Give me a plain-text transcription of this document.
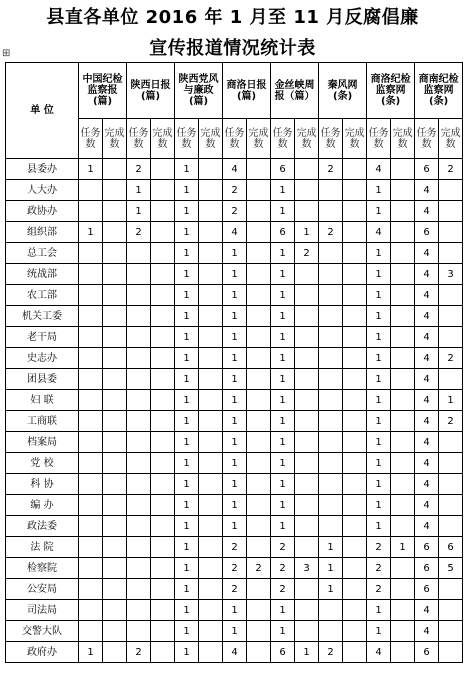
县直各单位 2016 年 1 月至 11 月反腐倡廉
宣传报道情况统计表
⊞
单 位	中国纪检监察报(篇)		陕西日报(篇)		陕西党风与廉政(篇)		商洛日报(篇)		金丝峡周报（篇）		秦风网(条)		商洛纪检监察网(条)		商南纪检监察网(条)	
	任务数	完成数	任务数	完成数	任务数	完成数	任务数	完成数	任务数	完成数	任务数	完成数	任务数	完成数	任务数	完成数
县委办	1		2		1		4		6		2		4		6	2
人大办			1		1		2		1				1		4	
政协办			1		1		2		1				1		4	
组织部	1		2		1		4		6	1	2		4		6	
总工会					1		1		1	2			1		4	
统战部					1		1		1				1		4	3
农工部					1		1		1				1		4	
机关工委					1		1		1				1		4	
老干局					1		1		1				1		4	
史志办					1		1		1				1		4	2
团县委					1		1		1				1		4	
妇 联					1		1		1				1		4	1
工商联					1		1		1				1		4	2
档案局					1		1		1				1		4	
党 校					1		1		1				1		4	
科 协					1		1		1				1		4	
编 办					1		1		1				1		4	
政法委					1		1		1				1		4	
法 院					1		2		2		1		2	1	6	6
检察院					1		2	2	2	3	1		2		6	5
公安局					1		2		2		1		2		6	
司法局					1		1		1				1		4	
交警大队					1		1		1				1		4	
政府办	1		2		1		4		6	1	2		4		6	
